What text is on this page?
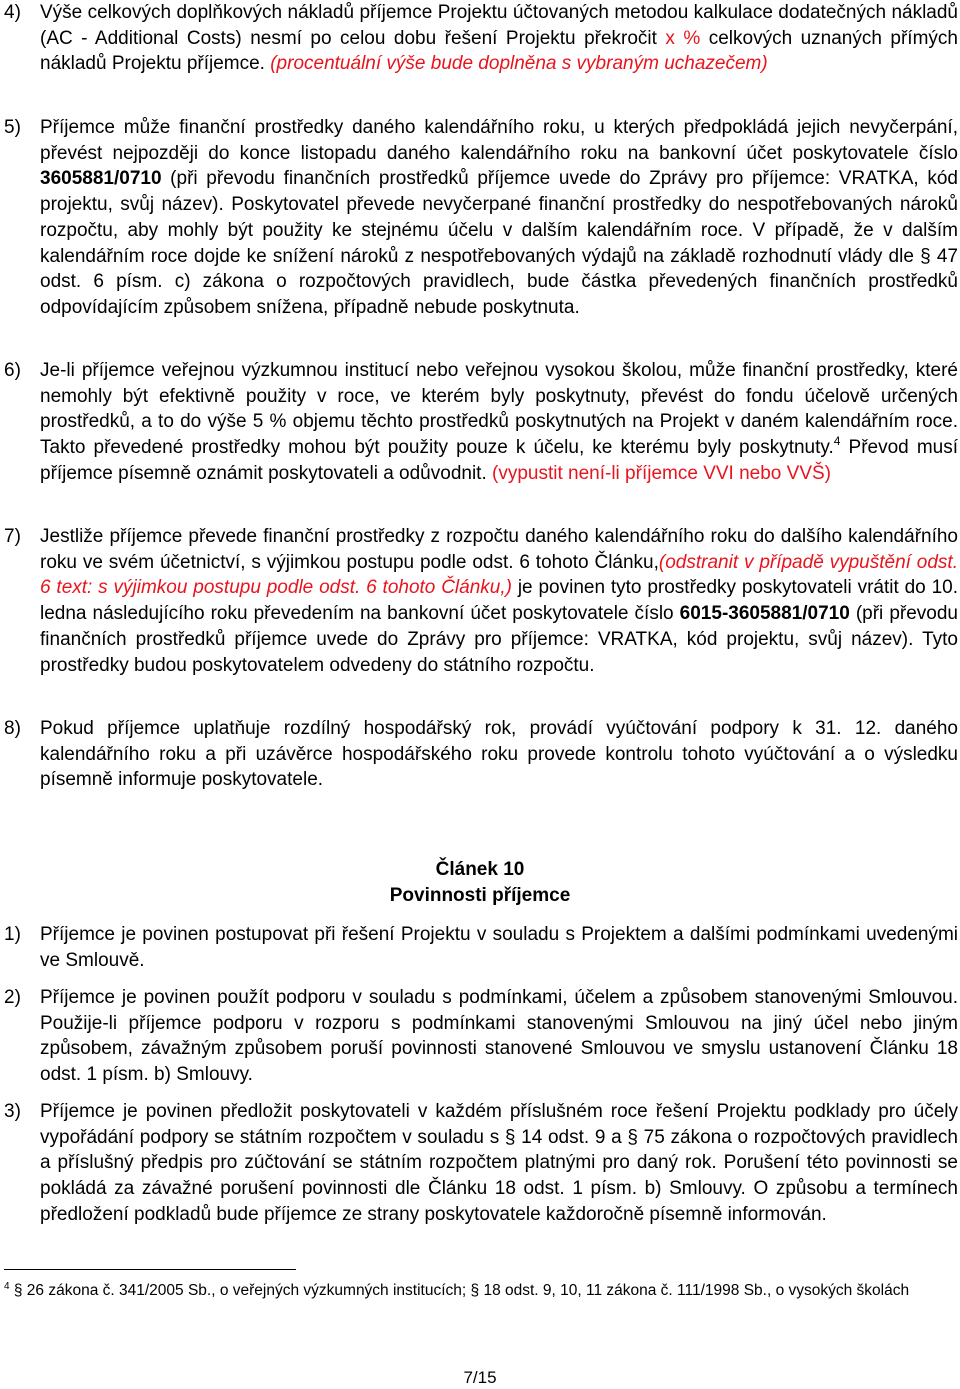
4) Výše celkových doplňkových nákladů příjemce Projektu účtovaných metodou kalkulace dodatečných nákladů (AC - Additional Costs) nesmí po celou dobu řešení Projektu překročit x % celkových uznaných přímých nákladů Projektu příjemce. (procentuální výše bude doplněna s vybraným uchazečem)
5) Příjemce může finanční prostředky daného kalendářního roku, u kterých předpokládá jejich nevyčerpání, převést nejpozději do konce listopadu daného kalendářního roku na bankovní účet poskytovatele číslo 3605881/0710 (při převodu finančních prostředků příjemce uvede do Zprávy pro příjemce: VRATKA, kód projektu, svůj název). Poskytovatel převede nevyčerpané finanční prostředky do nespotřebovaných nároků rozpočtu, aby mohly být použity ke stejnému účelu v dalším kalendářním roce. V případě, že v dalším kalendářním roce dojde ke snížení nároků z nespotřebovaných výdajů na základě rozhodnutí vlády dle § 47 odst. 6 písm. c) zákona o rozpočtových pravidlech, bude částka převedených finančních prostředků odpovídajícím způsobem snížena, případně nebude poskytnuta.
6) Je-li příjemce veřejnou výzkumnou institucí nebo veřejnou vysokou školou, může finanční prostředky, které nemohly být efektivně použity v roce, ve kterém byly poskytnuty, převést do fondu účelově určených prostředků, a to do výše 5 % objemu těchto prostředků poskytnutých na Projekt v daném kalendářním roce. Takto převedené prostředky mohou být použity pouze k účelu, ke kterému byly poskytnuty.$^4$ Převod musí příjemce písemně oznámit poskytovateli a odůvodnit. (vypustit není-li příjemce VVI nebo VVŠ)
7) Jestliže příjemce převede finanční prostředky z rozpočtu daného kalendářního roku do dalšího kalendářního roku ve svém účetnictví, s výjimkou postupu podle odst. 6 tohoto Článku,(odstranit v případě vypuštění odst. 6 text: s výjimkou postupu podle odst. 6 tohoto Článku,) je povinen tyto prostředky poskytovateli vrátit do 10. ledna následujícího roku převedením na bankovní účet poskytovatele číslo 6015-3605881/0710 (při převodu finančních prostředků příjemce uvede do Zprávy pro příjemce: VRATKA, kód projektu, svůj název). Tyto prostředky budou poskytovatelem odvedeny do státního rozpočtu.
8) Pokud příjemce uplatňuje rozdílný hospodářský rok, provádí vyúčtování podpory k 31. 12. daného kalendářního roku a při uzávěrce hospodářského roku provede kontrolu tohoto vyúčtování a o výsledku písemně informuje poskytovatele.
Článek 10
Povinnosti příjemce
1) Příjemce je povinen postupovat při řešení Projektu v souladu s Projektem a dalšími podmínkami uvedenými ve Smlouvě.
2) Příjemce je povinen použít podporu v souladu s podmínkami, účelem a způsobem stanovenými Smlouvou. Použije-li příjemce podporu v rozporu s podmínkami stanovenými Smlouvou na jiný účel nebo jiným způsobem, závažným způsobem poruší povinnosti stanovené Smlouvou ve smyslu ustanovení Článku 18 odst. 1 písm. b) Smlouvy.
3) Příjemce je povinen předložit poskytovateli v každém příslušném roce řešení Projektu podklady pro účely vypořádání podpory se státním rozpočtem v souladu s § 14 odst. 9 a § 75 zákona o rozpočtových pravidlech a příslušný předpis pro zúčtování se státním rozpočtem platnými pro daný rok. Porušení této povinnosti se pokládá za závažné porušení povinnosti dle Článku 18 odst. 1 písm. b) Smlouvy. O způsobu a termínech předložení podkladů bude příjemce ze strany poskytovatele každoročně písemně informován.
$^4$ § 26 zákona č. 341/2005 Sb., o veřejných výzkumných institucích; § 18 odst. 9, 10, 11 zákona č. 111/1998 Sb., o vysokých školách
7/15
